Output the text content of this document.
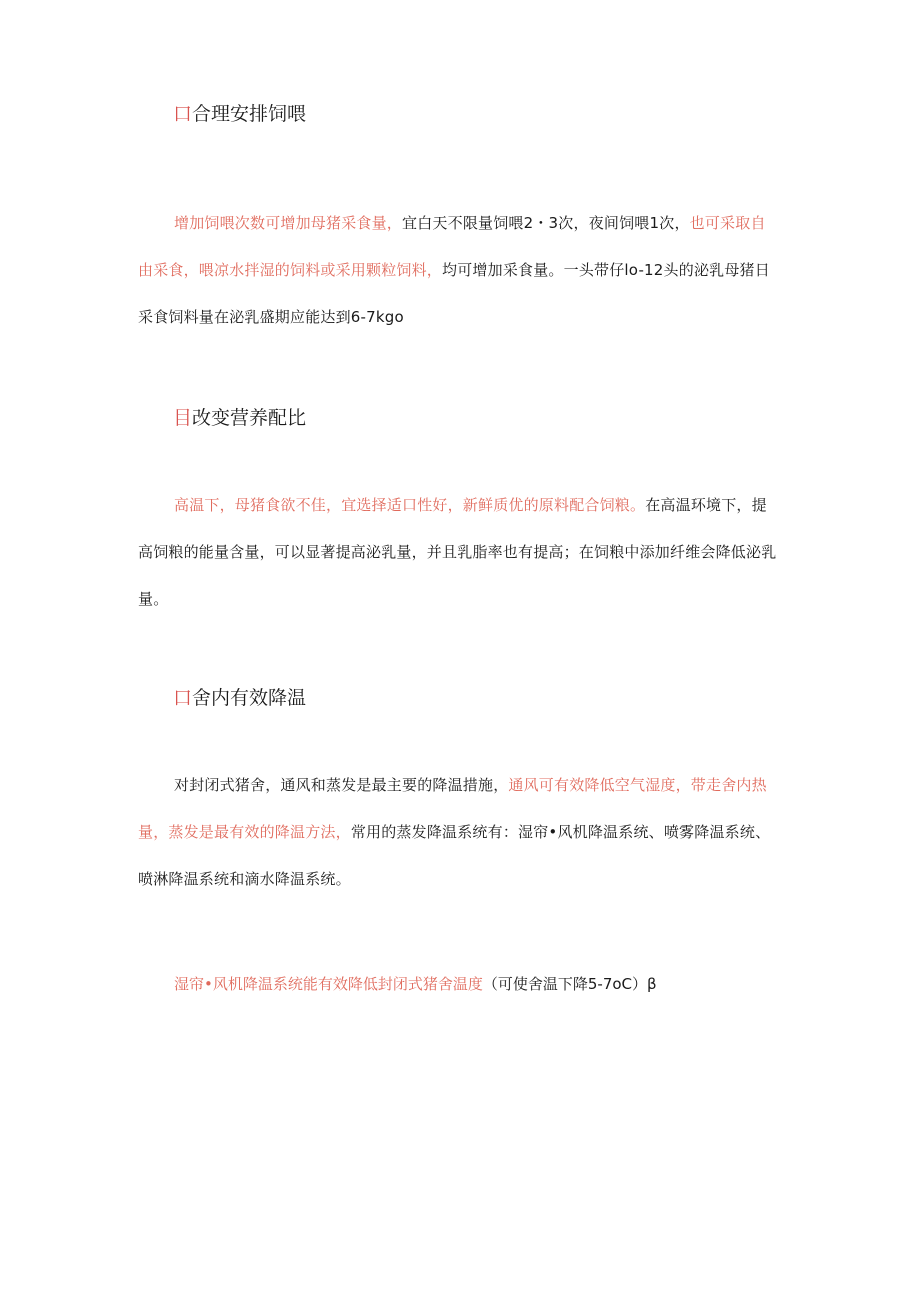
口合理安排饲喂

增加饲喂次数可增加母猪采食量，宜白天不限量饲喂2・3次，夜间饲喂1次，也可采取自由采食，喂凉水拌湿的饲料或采用颗粒饲料，均可增加采食量。一头带仔lo-12头的泌乳母猪日采食饲料量在泌乳盛期应能达到6-7kgo

目改变营养配比

高温下，母猪食欲不佳，宜选择适口性好，新鲜质优的原料配合饲粮。在高温环境下，提高饲粮的能量含量，可以显著提高泌乳量，并且乳脂率也有提高；在饲粮中添加纤维会降低泌乳量。

口舍内有效降温

对封闭式猪舍，通风和蒸发是最主要的降温措施，通风可有效降低空气湿度，带走舍内热量，蒸发是最有效的降温方法，常用的蒸发降温系统有：湿帘•风机降温系统、喷雾降温系统、喷淋降温系统和滴水降温系统。

湿帘•风机降温系统能有效降低封闭式猪舍温度（可使舍温下降5-7oC）β
